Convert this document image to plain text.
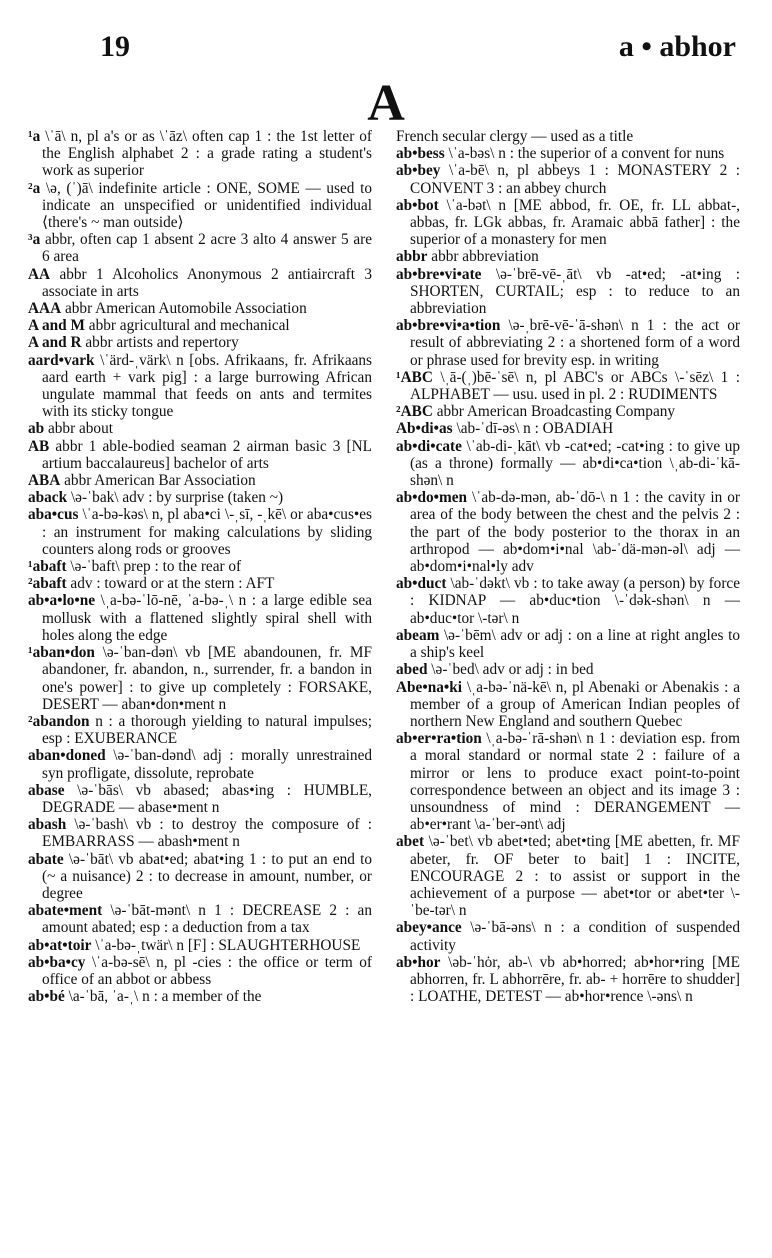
19	a • abhor
A
¹a \ˈā\ n, pl a's or as \ˈāz\ often cap 1 : the 1st letter of the English alphabet 2 : a grade rating a student's work as superior
²a \ə, (ˈ)ā\ indefinite article : ONE, SOME — used to indicate an unspecified or unidentified individual ⟨there's ~ man outside⟩
³a abbr, often cap 1 absent 2 acre 3 alto 4 answer 5 are 6 area
AA abbr 1 Alcoholics Anonymous 2 antiaircraft 3 associate in arts
AAA abbr American Automobile Association
A and M abbr agricultural and mechanical
A and R abbr artists and repertory
aard•vark \ˈärd-ˌvärk\ n [obs. Afrikaans, fr. Afrikaans aard earth + vark pig] : a large burrowing African ungulate mammal that feeds on ants and termites with its sticky tongue
ab abbr about
AB abbr 1 able-bodied seaman 2 airman basic 3 [NL artium baccalaureus] bachelor of arts
ABA abbr American Bar Association
aback \ə-ˈbak\ adv : by surprise (taken ~)
aba•cus \ˈa-bə-kəs\ n, pl aba•ci \-ˌsī, -ˌkē\ or aba•cus•es : an instrument for making calculations by sliding counters along rods or grooves
¹abaft \ə-ˈbaft\ prep : to the rear of
²abaft adv : toward or at the stern : AFT
ab•a•lo•ne \ˌa-bə-ˈlō-nē, ˈa-bə-ˌ\ n : a large edible sea mollusk with a flattened slightly spiral shell with holes along the edge
¹aban•don \ə-ˈban-dən\ vb [ME abandounen, fr. MF abandoner, fr. abandon, n., surrender, fr. a bandon in one's power] : to give up completely : FORSAKE, DESERT — aban•don•ment n
²abandon n : a thorough yielding to natural impulses; esp : EXUBERANCE
aban•doned \ə-ˈban-dənd\ adj : morally unrestrained syn profligate, dissolute, reprobate
abase \ə-ˈbās\ vb abased; abas•ing : HUMBLE, DEGRADE — abase•ment n
abash \ə-ˈbash\ vb : to destroy the composure of : EMBARRASS — abash•ment n
abate \ə-ˈbāt\ vb abat•ed; abat•ing 1 : to put an end to (~ a nuisance) 2 : to decrease in amount, number, or degree
abate•ment \ə-ˈbāt-mənt\ n 1 : DECREASE 2 : an amount abated; esp : a deduction from a tax
ab•at•toir \ˈa-bə-ˌtwär\ n [F] : SLAUGHTERHOUSE
ab•ba•cy \ˈa-bə-sē\ n, pl -cies : the office or term of office of an abbot or abbess
ab•bé \a-ˈbā, ˈa-ˌ\ n : a member of the
French secular clergy — used as a title
ab•bess \ˈa-bəs\ n : the superior of a convent for nuns
ab•bey \ˈa-bē\ n, pl abbeys 1 : MONASTERY 2 : CONVENT 3 : an abbey church
ab•bot \ˈa-bət\ n [ME abbod, fr. OE, fr. LL abbat-, abbas, fr. LGk abbas, fr. Aramaic abbā father] : the superior of a monastery for men
abbr abbr abbreviation
ab•bre•vi•ate \ə-ˈbrē-vē-ˌāt\ vb -at•ed; -at•ing : SHORTEN, CURTAIL; esp : to reduce to an abbreviation
ab•bre•vi•a•tion \ə-ˌbrē-vē-ˈā-shən\ n 1 : the act or result of abbreviating 2 : a shortened form of a word or phrase used for brevity esp. in writing
¹ABC \ˌā-(ˌ)bē-ˈsē\ n, pl ABC's or ABCs \-ˈsēz\ 1 : ALPHABET — usu. used in pl. 2 : RUDIMENTS
²ABC abbr American Broadcasting Company
Ab•di•as \ab-ˈdī-əs\ n : OBADIAH
ab•di•cate \ˈab-di-ˌkāt\ vb -cat•ed; -cat•ing : to give up (as a throne) formally — ab•di•ca•tion \ˌab-di-ˈkā-shən\ n
ab•do•men \ˈab-də-mən, ab-ˈdō-\ n 1 : the cavity in or area of the body between the chest and the pelvis 2 : the part of the body posterior to the thorax in an arthropod — ab•dom•i•nal \ab-ˈdä-mən-əl\ adj — ab•dom•i•nal•ly adv
ab•duct \ab-ˈdəkt\ vb : to take away (a person) by force : KIDNAP — ab•duc•tion \-ˈdək-shən\ n — ab•duc•tor \-tər\ n
abeam \ə-ˈbēm\ adv or adj : on a line at right angles to a ship's keel
abed \ə-ˈbed\ adv or adj : in bed
Abe•na•ki \ˌa-bə-ˈnä-kē\ n, pl Abenaki or Abenakis : a member of a group of American Indian peoples of northern New England and southern Quebec
ab•er•ra•tion \ˌa-bə-ˈrā-shən\ n 1 : deviation esp. from a moral standard or normal state 2 : failure of a mirror or lens to produce exact point-to-point correspondence between an object and its image 3 : unsoundness of mind : DERANGEMENT — ab•er•rant \a-ˈber-ənt\ adj
abet \ə-ˈbet\ vb abet•ted; abet•ting [ME abetten, fr. MF abeter, fr. OF beter to bait] 1 : INCITE, ENCOURAGE 2 : to assist or support in the achievement of a purpose — abet•tor or abet•ter \-ˈbe-tər\ n
abey•ance \ə-ˈbā-əns\ n : a condition of suspended activity
ab•hor \əb-ˈhȯr, ab-\ vb ab•horred; ab•hor•ring [ME abhorren, fr. L abhorrēre, fr. ab- + horrēre to shudder] : LOATHE, DETEST — ab•hor•rence \-əns\ n
